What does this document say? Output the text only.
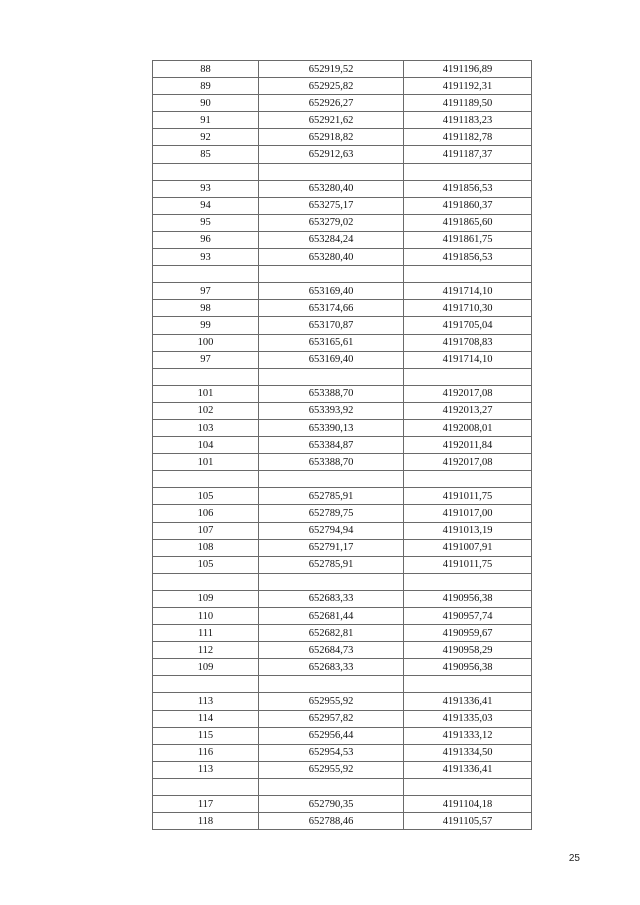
88	652919,52	4191196,89
89	652925,82	4191192,31
90	652926,27	4191189,50
91	652921,62	4191183,23
92	652918,82	4191182,78
85	652912,63	4191187,37

93	653280,40	4191856,53
94	653275,17	4191860,37
95	653279,02	4191865,60
96	653284,24	4191861,75
93	653280,40	4191856,53

97	653169,40	4191714,10
98	653174,66	4191710,30
99	653170,87	4191705,04
100	653165,61	4191708,83
97	653169,40	4191714,10

101	653388,70	4192017,08
102	653393,92	4192013,27
103	653390,13	4192008,01
104	653384,87	4192011,84
101	653388,70	4192017,08

105	652785,91	4191011,75
106	652789,75	4191017,00
107	652794,94	4191013,19
108	652791,17	4191007,91
105	652785,91	4191011,75

109	652683,33	4190956,38
110	652681,44	4190957,74
111	652682,81	4190959,67
112	652684,73	4190958,29
109	652683,33	4190956,38

113	652955,92	4191336,41
114	652957,82	4191335,03
115	652956,44	4191333,12
116	652954,53	4191334,50
113	652955,92	4191336,41

117	652790,35	4191104,18
118	652788,46	4191105,57
25
